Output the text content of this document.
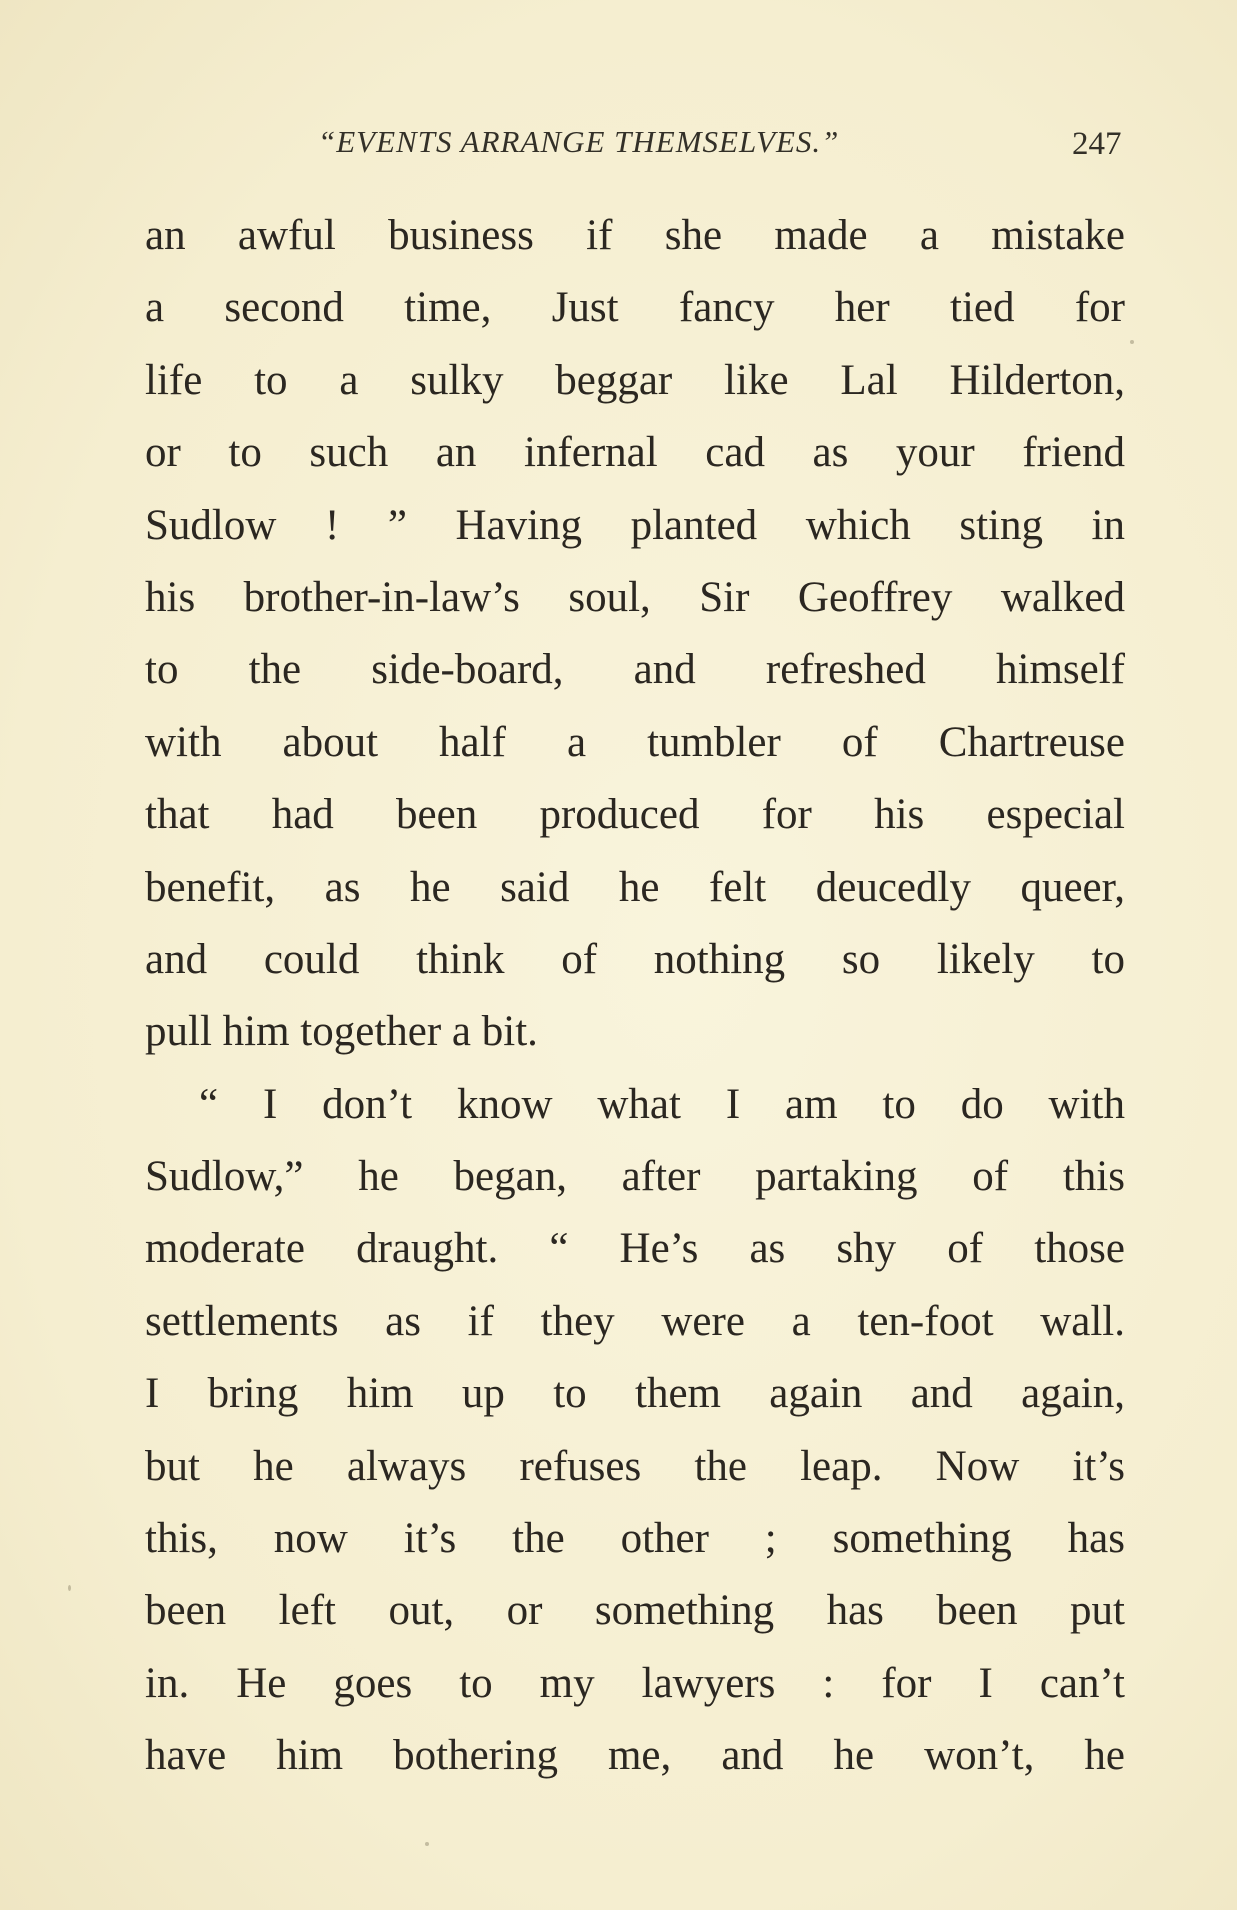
“EVENTS ARRANGE THEMSELVES.”	247
an awful business if she made a mistake
a second time, Just fancy her tied for
life to a sulky beggar like Lal Hilderton,
or to such an infernal cad as your friend
Sudlow ! ” Having planted which sting in
his brother-in-law’s soul, Sir Geoffrey walked
to the side-board, and refreshed himself
with about half a tumbler of Chartreuse
that had been produced for his especial
benefit, as he said he felt deucedly queer,
and could think of nothing so likely to
pull him together a bit.
“ I don’t know what I am to do with
Sudlow,” he began, after partaking of this
moderate draught. “ He’s as shy of those
settlements as if they were a ten-foot wall.
I bring him up to them again and again,
but he always refuses the leap. Now it’s
this, now it’s the other ; something has
been left out, or something has been put
in. He goes to my lawyers : for I can’t
have him bothering me, and he won’t, he
